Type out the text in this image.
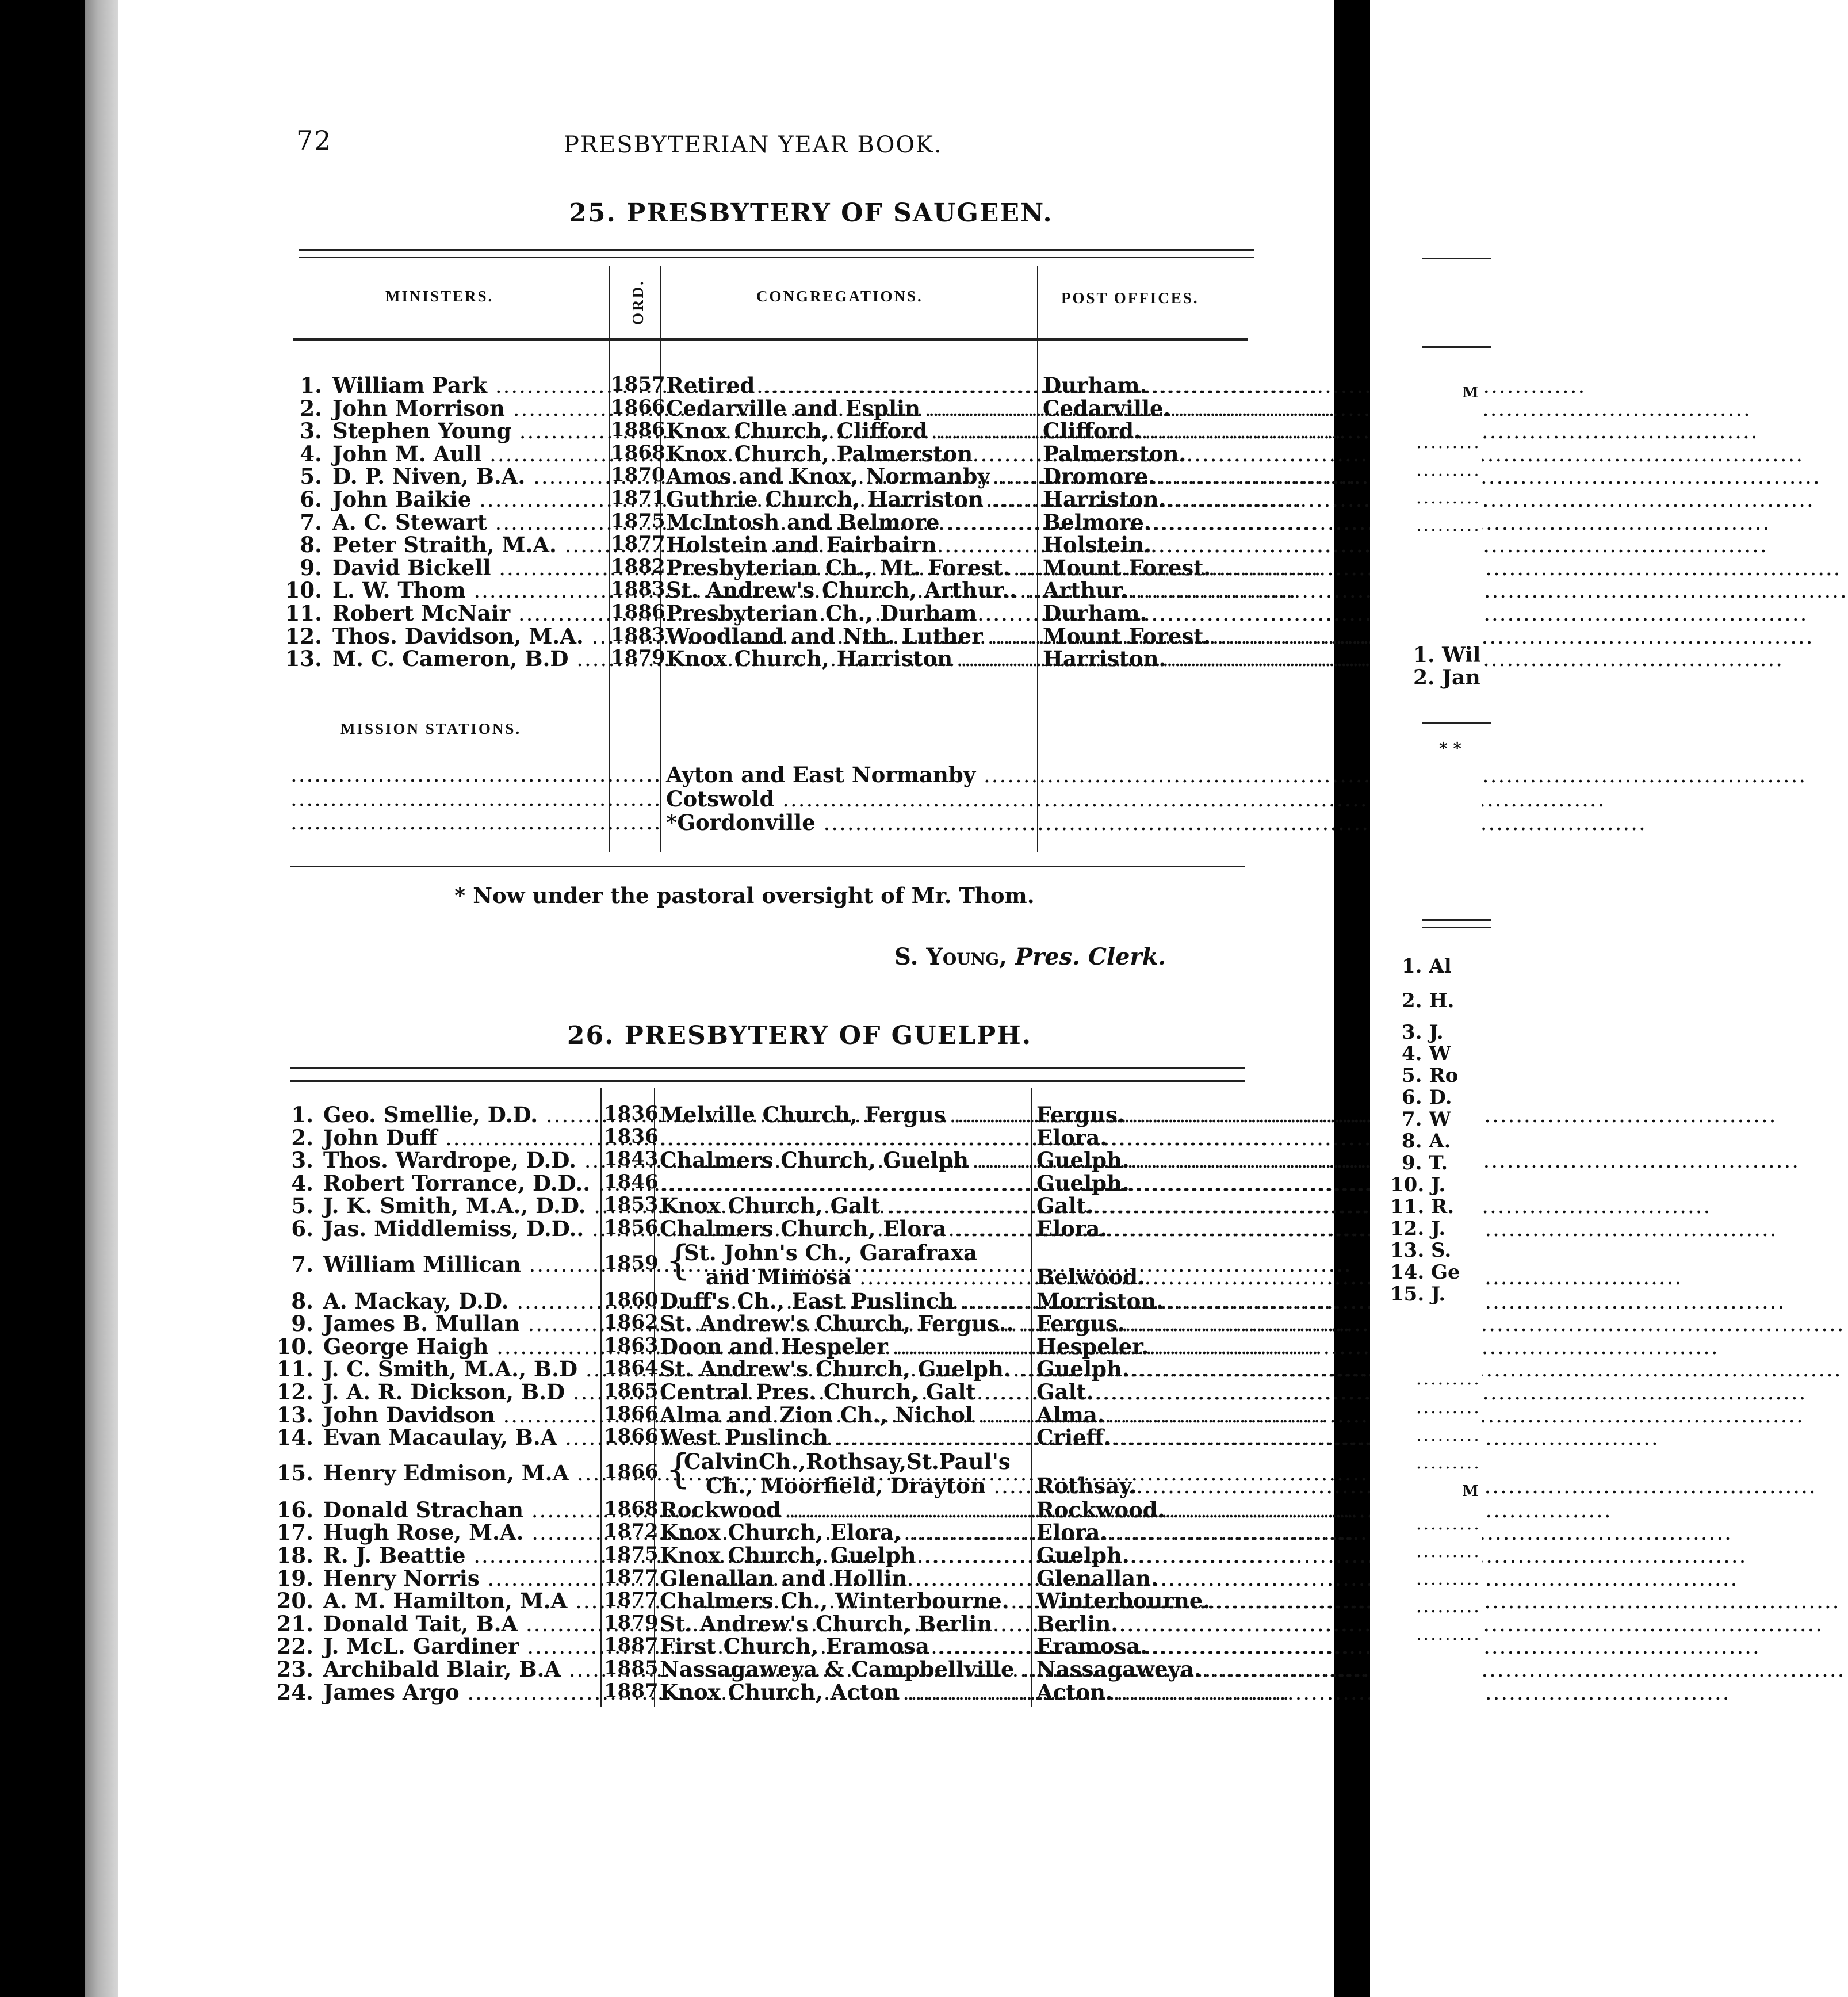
72	PRESBYTERIAN YEAR BOOK.
25. PRESBYTERY OF SAUGEEN.
MINISTERS.	ORD.	CONGREGATIONS.	POST OFFICES.
1. William Park .....	1857 Retired .....	Durham.
2. John Morrison .....	1866 Cedarville and Esplin .....	Cedarville.
3. Stephen Young .....	1886 Knox Church, Clifford .....	Clifford.
4. John M. Aull .....	1868 Knox Church, Palmerston .....	Palmerston.
5. D. P. Niven, B.A. .....	1870 Amos and Knox, Normanby .....	Dromore.
6. John Baikie .....	1871 Guthrie Church, Harriston .....	Harriston.
7. A. C. Stewart .....	1875 McIntosh and Belmore .....	Belmore.
8. Peter Straith, M.A. .....	1877 Holstein and Fairbairn .....	Holstein.
9. David Bickell .....	1882 Presbyterian Ch., Mt. Forest. .....	Mount Forest.
10. L. W. Thom .....	1883 St. Andrew's Church, Arthur.. .....	Arthur.
11. Robert McNair .....	1886 Presbyterian Ch., Durham .....	Durham.
12. Thos. Davidson, M.A. .....	1883 Woodland and Nth. Luther .....	Mount Forest.
13. M. C. Cameron, B.D .....	1879 Knox Church, Harriston .....	Harriston.
MISSION STATIONS.
.........................................
...... Ayton and East Normanby .....
.........................................
...... Cotswold .....
.........................................
...... *Gordonville .....
* Now under the pastoral oversight of Mr. Thom.
S. Young, Pres. Clerk.
26. PRESBYTERY OF GUELPH.
1. Geo. Smellie, D.D. .....	1836 Melville Church, Fergus .....	Fergus.
2. John Duff .....	1836 .....	Elora.
3. Thos. Wardrope, D.D. .....	1843 Chalmers Church, Guelph .....	Guelph.
4. Robert Torrance, D.D.. ..... 1846 .....	Guelph.
5. J. K. Smith, M.A., D.D. ..... 1853 Knox Church, Galt .....	Galt.
6. Jas. Middlemiss, D.D.. .....	1856 Chalmers Church, Elora .....	Elora.
7. William Millican .....	1859 {
St. John's Ch., Garafraxa
and Mimosa .....	Belwood.
8. A. Mackay, D.D. .....	1860 Duff's Ch., East Puslinch .....	Morriston.
9. James B. Mullan .....	1862 St. Andrew's Church, Fergus.. .....	Fergus.
10. George Haigh .....	1863 Doon and Hespeler .....	Hespeler.
11. J. C. Smith, M.A., B.D .....	1864 St. Andrew's Church, Guelph. .....	Guelph.
12. J. A. R. Dickson, B.D .....	1865 Central Pres. Church, Galt .....	Galt.
13. John Davidson .....	1866 Alma and Zion Ch., Nichol .....	Alma.
14. Evan Macaulay, B.A .....	1866 West Puslinch .....	Crieff.
15. Henry Edmison, M.A .....	1866 {
CalvinCh.,Rothsay,St.Paul's
Ch., Moorfield, Drayton .....	Rothsay.
16. Donald Strachan .....	1868 Rockwood .....	Rockwood.
17. Hugh Rose, M.A. .....	1872 Knox Church, Elora, .....	Elora.
18. R. J. Beattie .....	1875 Knox Church, Guelph .....	Guelph.
19. Henry Norris .....	1877 Glenallan and Hollin .....	Glenallan.
20. A. M. Hamilton, M.A .....	1877 Chalmers Ch., Winterbourne. .....	Winterbourne.
21. Donald Tait, B.A .....	1879 St. Andrew's Church, Berlin .....	Berlin.
22. J. McL. Gardiner .....	1887 First Church, Eramosa .....	Eramosa.
23. Archibald Blair, B.A .....	1885 Nassagaweya & Campbellville .....	Nassagaweya.
24. James Argo .....	1887 Knox Church, Acton .....	Acton.
M
.........
.........
.........
.........
1. Wil
2. Jan
* *
1. Al
2. H.
3. J.
4. W
5. Ro
6. D.
7. W
8. A.
9. T.
10. J.
11. R.
12. J.
13. S.
14. Ge
15. J.
.........
.........
.........
.........
M
.........
.........
.........
.........
.........
